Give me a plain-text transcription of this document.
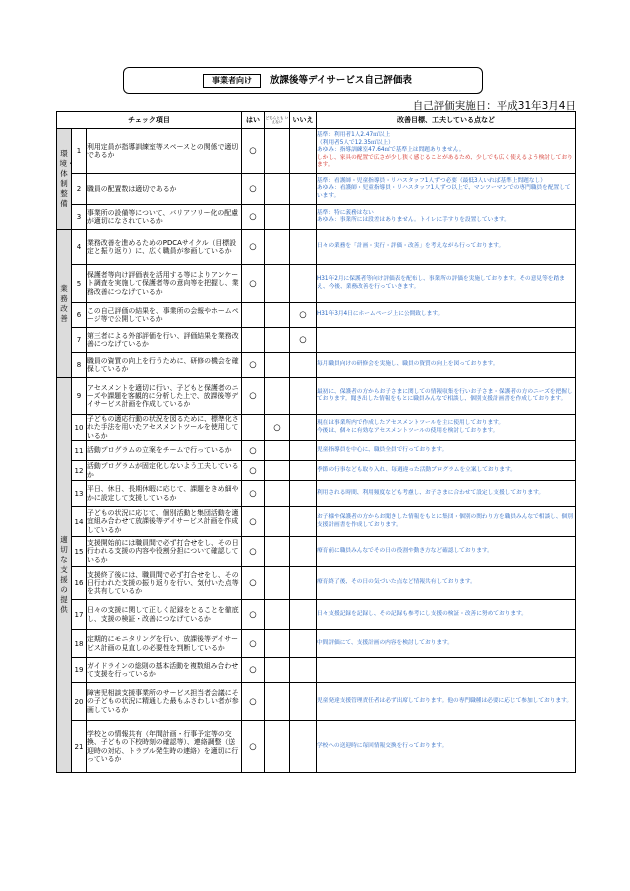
事業者向け	放課後等デイサービス自己評価表
自己評価実施日：平成31年3月4日
チェック項目			はい	どちらとも いえない	いいえ	改善目標、工夫している点など
環境・体制整備	1	利用定員が指導訓練室等スペースとの関係で適切であるか	○			基準：利用者1人2.47㎡以上
（利用者5人で12.35㎡以上）
あゆみ：指導訓練室47.64㎡で基準上は問題ありません。
しかし、家具の配置で広さが少し狭く感じることがあるため、少しでも広く使えるよう検討しております。

	2	職員の配置数は適切であるか	○			基準：看護師・児童指導員・リハスタッフ1人ずつ必要（最低3人いれば基準上問題なし）
あゆみ：看護師・児童指導員・リハスタッフ1人ずつ以上で、マンツーマンでの専門職員を配置しています。

	3	事業所の設備等について、バリアフリー化の配慮が適切になされているか	○			基準：特に義務はない
あゆみ：事業所には段差はありません。トイレに手すりを設置しています。

業務改善	4	業務改善を進めるためのPDCAサイクル（目標設定と振り返り）に、広く職員が参画しているか	○			日々の業務を「計画・実行・評価・改善」を考えながら行っております。

	5	保護者等向け評価表を活用する等によりアンケート調査を実施して保護者等の意向等を把握し、業務改善につなげているか	○			H31年2月に保護者等向け評価表を配布し、事業所の評価を実施しております。その意見等を踏まえ、今後、業務改善を行っていきます。

	6	この自己評価の結果を、事業所の会報やホームページ等で公開しているか			○	H31年3月4日にホームページ上に公開致します。

	7	第三者による外部評価を行い、評価結果を業務改善につなげているか			○	
	8	職員の資質の向上を行うために、研修の機会を確保しているか	○			毎月職員向けの研修会を実施し、職員の資質の向上を図っております。

適切な支援の提供	9	アセスメントを適切に行い、子どもと保護者のニーズや課題を客観的に分析した上で、放課後等デイサービス計画を作成しているか	○			最初に、保護者の方からお子さまに関しての情報収集を行いお子さま・保護者の方のニーズを把握しております。聞き出した情報をもとに職員みんなで相談し、個別支援計画書を作成しております。

	10	子どもの適応行動の状況を図るために、標準化された手法を用いたアセスメントツールを使用しているか		○		現在は事業所内で作成したアセスメントツールを主に使用しております。
今後は、個々に有効なアセスメントツールの使用を検討しております。

	11	活動プログラムの立案をチームで行っているか	○			児童指導員を中心に、職員全員で行っております。

	12	活動プログラムが固定化しないよう工夫しているか	○			季節の行事なども取り入れ、毎週違った活動プログラムを立案しております。

	13	平日、休日、長期休暇に応じて、課題をきめ細やかに設定して支援しているか	○			利用される時間、利用頻度なども考慮し、お子さまに合わせて設定し支援しております。

	14	子どもの状況に応じて、個別活動と集団活動を適宜組み合わせて放課後等デイサービス計画を作成しているか	○			お子様や保護者の方からお聞きした情報をもとに集団・個別の関わり方を職員みんなで相談し、個別支援計画書を作成しております。

	15	支援開始前には職員間で必ず打合せをし、その日行われる支援の内容や役割分担について確認しているか	○			療育前に職員みんなでその日の役割や動き方など確認しております。

	16	支援終了後には、職員間で必ず打合せをし、その日行われた支援の振り返りを行い、気付いた点等を共有しているか	○			療育終了後、その日の気づいた点など情報共有しております。

	17	日々の支援に関して正しく記録をとることを徹底し、支援の検証・改善につなげているか	○			日々支援記録を記録し、その記録も参考にし支援の検証・改善に努めております。

	18	定期的にモニタリングを行い、放課後等デイサービス計画の見直しの必要性を判断しているか	○			中間評価にて、支援計画の内容を検討しております。

	19	ガイドラインの総則の基本活動を複数組み合わせて支援を行っているか	○			
	20	障害児相談支援事業所のサービス担当者会議にその子どもの状況に精通した最もふさわしい者が参画しているか	○			児童発達支援管理責任者は必ず出席しております。他の専門職種は必要に応じて参加しております。

	21	学校との情報共有（年間計画・行事予定等の交換、子どもの下校時刻の確認等）、連絡調整（送迎時の対応、トラブル発生時の連絡）を適切に行っているか	○			学校への送迎時に毎回情報交換を行っております。
